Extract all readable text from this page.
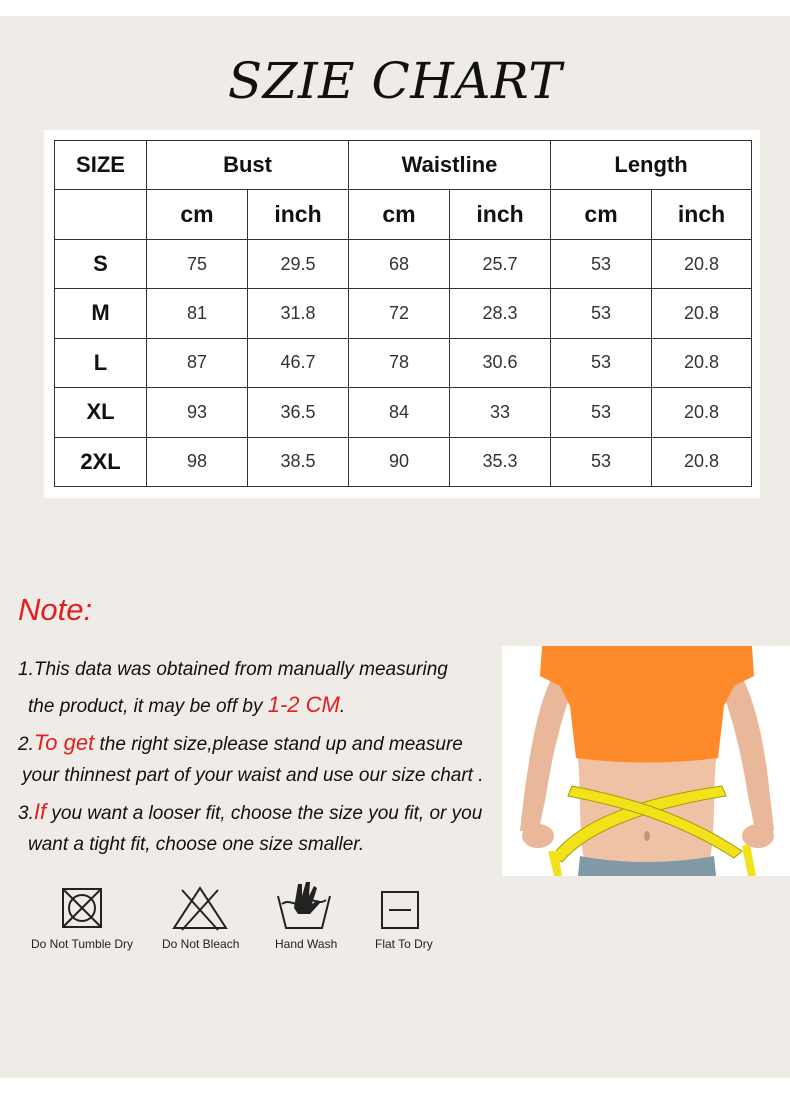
SZIE CHART
SIZE	Bust		Waistline		Length	
	cm	inch	cm	inch	cm	inch
S	75	29.5	68	25.7	53	20.8
M	81	31.8	72	28.3	53	20.8
L	87	46.7	78	30.6	53	20.8
XL	93	36.5	84	33	53	20.8
2XL	98	38.5	90	35.3	53	20.8
Note:
1.This data was obtained from manually measuring
the product, it may be off by 1-2 CM.
2.To get the right size,please stand up and measure
your thinnest part of your waist and use our size chart .
3.If you want a looser fit, choose the size you fit, or you
want a tight fit, choose one size smaller.
Do Not Tumble Dry Do Not Bleach	Hand Wash	Flat To Dry
